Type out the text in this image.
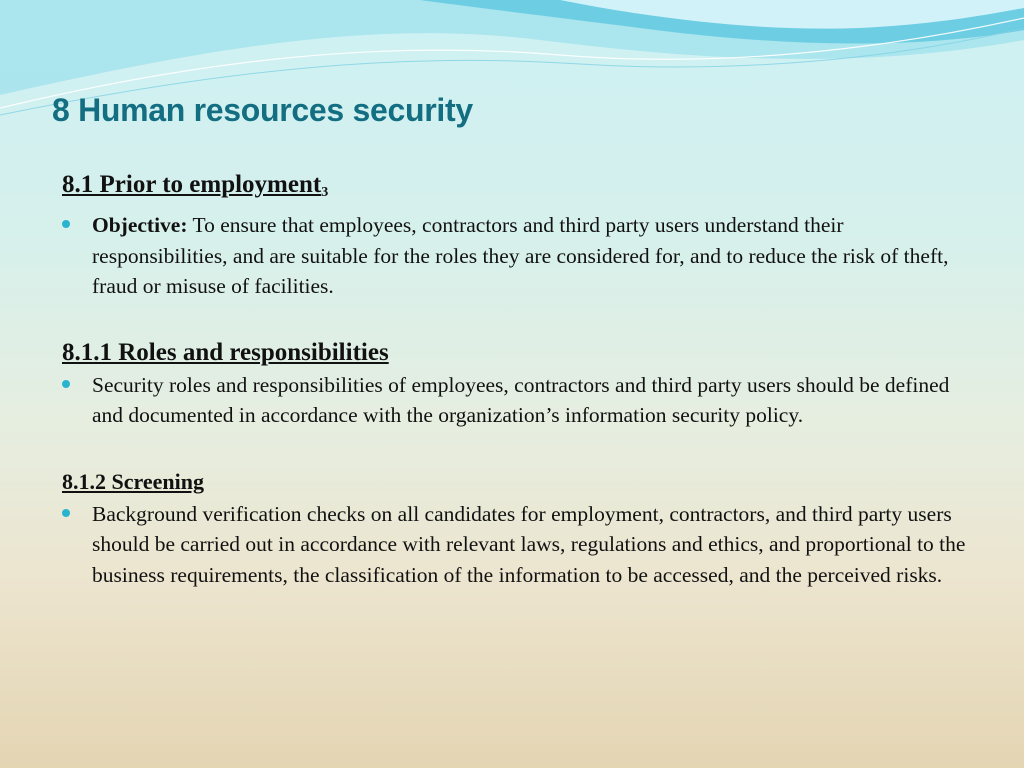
8 Human resources security
8.1 Prior to employment3
Objective: To ensure that employees, contractors and third party users understand their responsibilities, and are suitable for the roles they are considered for, and to reduce the risk of theft, fraud or misuse of facilities.
8.1.1 Roles and responsibilities
Security roles and responsibilities of employees, contractors and third party users should be defined and documented in accordance with the organization’s information security policy.
8.1.2 Screening
Background verification checks on all candidates for employment, contractors, and third party users should be carried out in accordance with relevant laws, regulations and ethics, and proportional to the business requirements, the classification of the information to be accessed, and the perceived risks.
